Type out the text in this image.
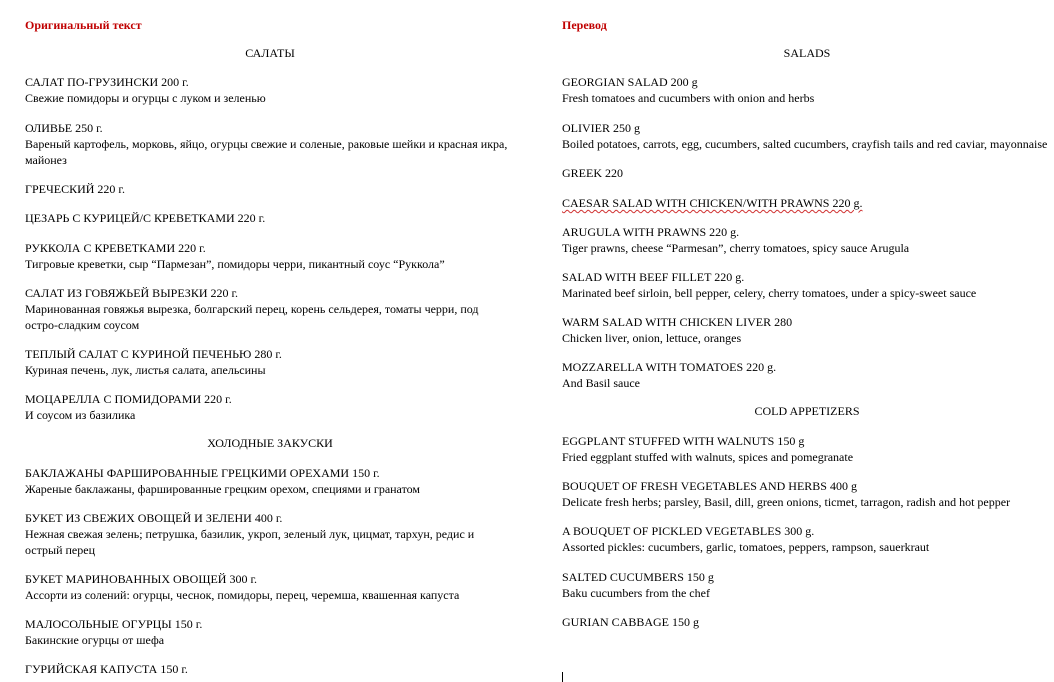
Оригинальный текст
САЛАТЫ
САЛАТ ПО-ГРУЗИНСКИ 200 г.
Свежие помидоры и огурцы с луком и зеленью
ОЛИВЬЕ 250 г.
Вареный картофель, морковь, яйцо, огурцы свежие и соленые, раковые шейки и красная икра,
майонез
ГРЕЧЕСКИЙ 220 г.
ЦЕЗАРЬ С КУРИЦЕЙ/С КРЕВЕТКАМИ 220 г.
РУККОЛА С КРЕВЕТКАМИ 220 г.
Тигровые креветки, сыр “Пармезан”, помидоры черри, пикантный соус “Руккола”
САЛАТ ИЗ ГОВЯЖЬЕЙ ВЫРЕЗКИ 220 г.
Маринованная говяжья вырезка, болгарский перец, корень сельдерея, томаты черри, под
остро-сладким соусом
ТЕПЛЫЙ САЛАТ С КУРИНОЙ ПЕЧЕНЬЮ 280 г.
Куриная печень, лук, листья салата, апельсины
МОЦАРЕЛЛА С ПОМИДОРАМИ 220 г.
И соусом из базилика
ХОЛОДНЫЕ ЗАКУСКИ
БАКЛАЖАНЫ ФАРШИРОВАННЫЕ ГРЕЦКИМИ ОРЕХАМИ 150 г.
Жареные баклажаны, фаршированные грецким орехом, специями и гранатом
БУКЕТ ИЗ СВЕЖИХ ОВОЩЕЙ И ЗЕЛЕНИ 400 г.
Нежная свежая зелень; петрушка, базилик, укроп, зеленый лук, цицмат, тархун, редис и
острый перец
БУКЕТ МАРИНОВАННЫХ ОВОЩЕЙ 300 г.
Ассорти из солений: огурцы, чеснок, помидоры, перец, черемша, квашенная капуста
МАЛОСОЛЬНЫЕ ОГУРЦЫ 150 г.
Бакинские огурцы от шефа
ГУРИЙСКАЯ КАПУСТА 150 г.
Перевод
SALADS
GEORGIAN SALAD 200 g
Fresh tomatoes and cucumbers with onion and herbs
OLIVIER 250 g
Boiled potatoes, carrots, egg, cucumbers, salted cucumbers, crayfish tails and red caviar, mayonnaise
GREEK 220
CAESAR SALAD WITH CHICKEN/WITH PRAWNS 220 g.
ARUGULA WITH PRAWNS 220 g.
Tiger prawns, cheese “Parmesan”, cherry tomatoes, spicy sauce Arugula
SALAD WITH BEEF FILLET 220 g.
Marinated beef sirloin, bell pepper, celery, cherry tomatoes, under a spicy-sweet sauce
WARM SALAD WITH CHICKEN LIVER 280
Chicken liver, onion, lettuce, oranges
MOZZARELLA WITH TOMATOES 220 g.
And Basil sauce
COLD APPETIZERS
EGGPLANT STUFFED WITH WALNUTS 150 g
Fried eggplant stuffed with walnuts, spices and pomegranate
BOUQUET OF FRESH VEGETABLES AND HERBS 400 g
Delicate fresh herbs; parsley, Basil, dill, green onions, ticmet, tarragon, radish and hot pepper
A BOUQUET OF PICKLED VEGETABLES 300 g.
Assorted pickles: cucumbers, garlic, tomatoes, peppers, rampson, sauerkraut
SALTED CUCUMBERS 150 g
Baku cucumbers from the chef
GURIAN CABBAGE 150 g
